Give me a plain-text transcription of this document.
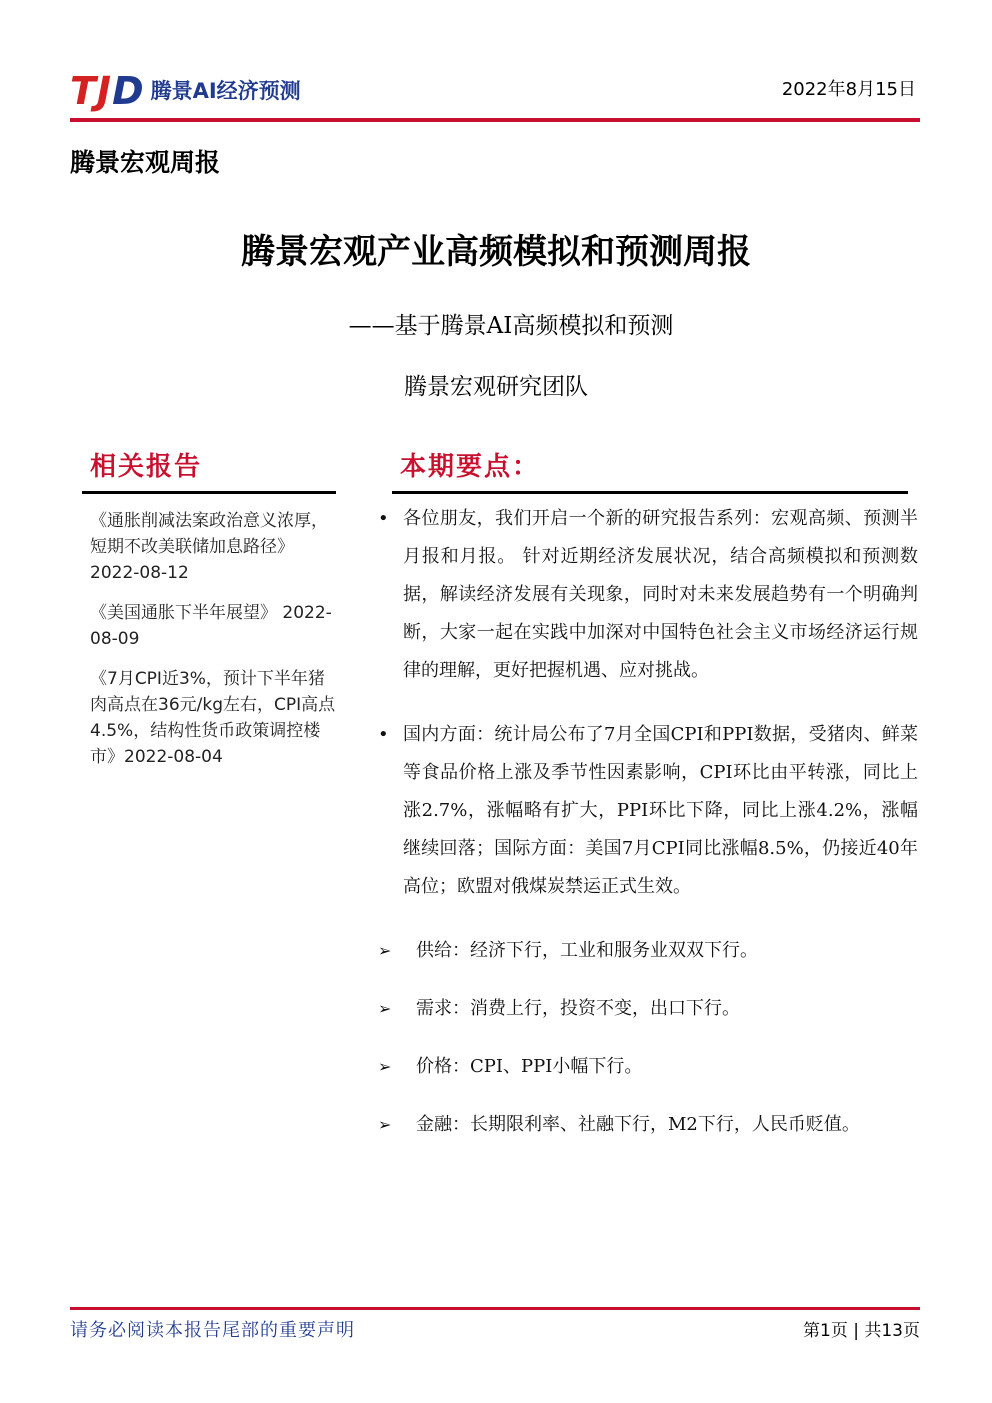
TJD 腾景AI经济预测	2022年8月15日
腾景宏观周报
腾景宏观产业高频模拟和预测周报
——基于腾景AI高频模拟和预测
腾景宏观研究团队
相关报告
《通胀削减法案政治意义浓厚，短期不改美联储加息路径》 2022-08-12
《美国通胀下半年展望》 2022-08-09
《7月CPI近3%，预计下半年猪肉高点在36元/kg左右，CPI高点4.5%，结构性货币政策调控楼市》2022-08-04
本期要点：
• 各位朋友，我们开启一个新的研究报告系列：宏观高频、预测半月报和月报。 针对近期经济发展状况，结合高频模拟和预测数据，解读经济发展有关现象，同时对未来发展趋势有一个明确判断，大家一起在实践中加深对中国特色社会主义市场经济运行规律的理解，更好把握机遇、应对挑战。
• 国内方面：统计局公布了7月全国CPI和PPI数据，受猪肉、鲜菜等食品价格上涨及季节性因素影响，CPI环比由平转涨，同比上涨2.7%，涨幅略有扩大，PPI环比下降，同比上涨4.2%，涨幅继续回落；国际方面：美国7月CPI同比涨幅8.5%，仍接近40年高位；欧盟对俄煤炭禁运正式生效。
➢	供给：经济下行，工业和服务业双双下行。
➢	需求：消费上行，投资不变，出口下行。
➢	价格：CPI、PPI小幅下行。
➢	金融：长期限利率、社融下行，M2下行，人民币贬值。
请务必阅读本报告尾部的重要声明	第1页 | 共13页
